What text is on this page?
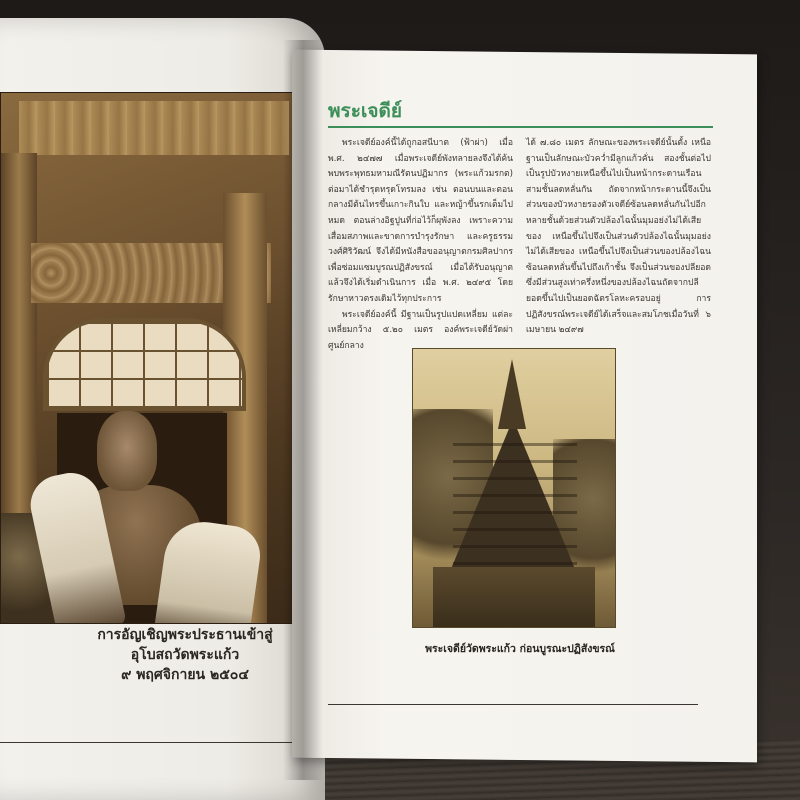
การอัญเชิญพระประธานเข้าสู่
อุโบสถวัดพระแก้ว
๙ พฤศจิกายน ๒๕๐๔
พระเจดีย์

พระเจดีย์องค์นี้ได้ถูกอสนีบาต (ฟ้าผ่า) เมื่อ พ.ศ. ๒๔๗๗ เมื่อพระเจดีย์พังทลายลงจึงได้ค้นพบพระพุทธมหามณีรัตนปฏิมากร (พระแก้วมรกต) ต่อมาได้ชำรุดทรุดโทรมลง เช่น ตอนบนและตอนกลางมีต้นไทรขึ้นเกาะกินใบ และหญ้าขึ้นรกเต็มไปหมด ตอนล่างอิฐปูนที่ก่อไว้ก็ผุพังลง เพราะความเสื่อมสภาพและขาดการบำรุงรักษา และครูธรรมวงศ์ศิริวัฒน์ จึงได้มีหนังสือขออนุญาตกรมศิลปากร เพื่อซ่อมแซมบูรณปฏิสังขรณ์ เมื่อได้รับอนุญาตแล้วจึงได้เริ่มดำเนินการ เมื่อ พ.ศ. ๒๔๙๕ โดยรักษาหาวตรงเดิมไว้ทุกประการ

พระเจดีย์องค์นี้ มีฐานเป็นรูปแปดเหลี่ยม แต่ละเหลี่ยมกว้าง ๕.๒๐ เมตร องค์พระเจดีย์วัดผ่าศูนย์กลาง

ได้ ๗.๘๐ เมตร ลักษณะของพระเจดีย์นั้นตั้ง เหนือฐานเป็นลักษณะบัวคว่ำมีลูกแก้วคั่น สองชั้นต่อไปเป็นรูปบัวหงายเหนือขึ้นไปเป็นหน้ากระดานเรือนสามชั้นลดหลั่นกัน ถัดจากหน้ากระดานนี้จึงเป็นส่วนของบัวหงายรองตัวเจดีย์ซ้อนลดหลั่นกันไปอีกหลายชั้นด้วยส่วนตัวปล้องไฉนั้นมุมอย่งไม่ได้เสียของ เหนือขึ้นไปจึงเป็นส่วนตัวปล้องไฉนั้นมุมอย่งไม่ได้เสียของ เหนือขึ้นไปจึงเป็นส่วนของปล้องไฉนซ้อนลดหลั่นขึ้นไปถึงเก้าชั้น จึงเป็นส่วนของปลียอด ซึ่งมีส่วนสูงเท่าครึ่งหนึ่งของปล้องไฉนถัดจากปลียอดขึ้นไปเป็นยอดฉัตรโลหะครอบอยู่ การปฏิสังขรณ์พระเจดีย์ได้เสร็จและสมโภชเมื่อวันที่ ๖ เมษายน ๒๔๙๗

พระเจดีย์วัดพระแก้ว ก่อนบูรณะปฏิสังขรณ์
